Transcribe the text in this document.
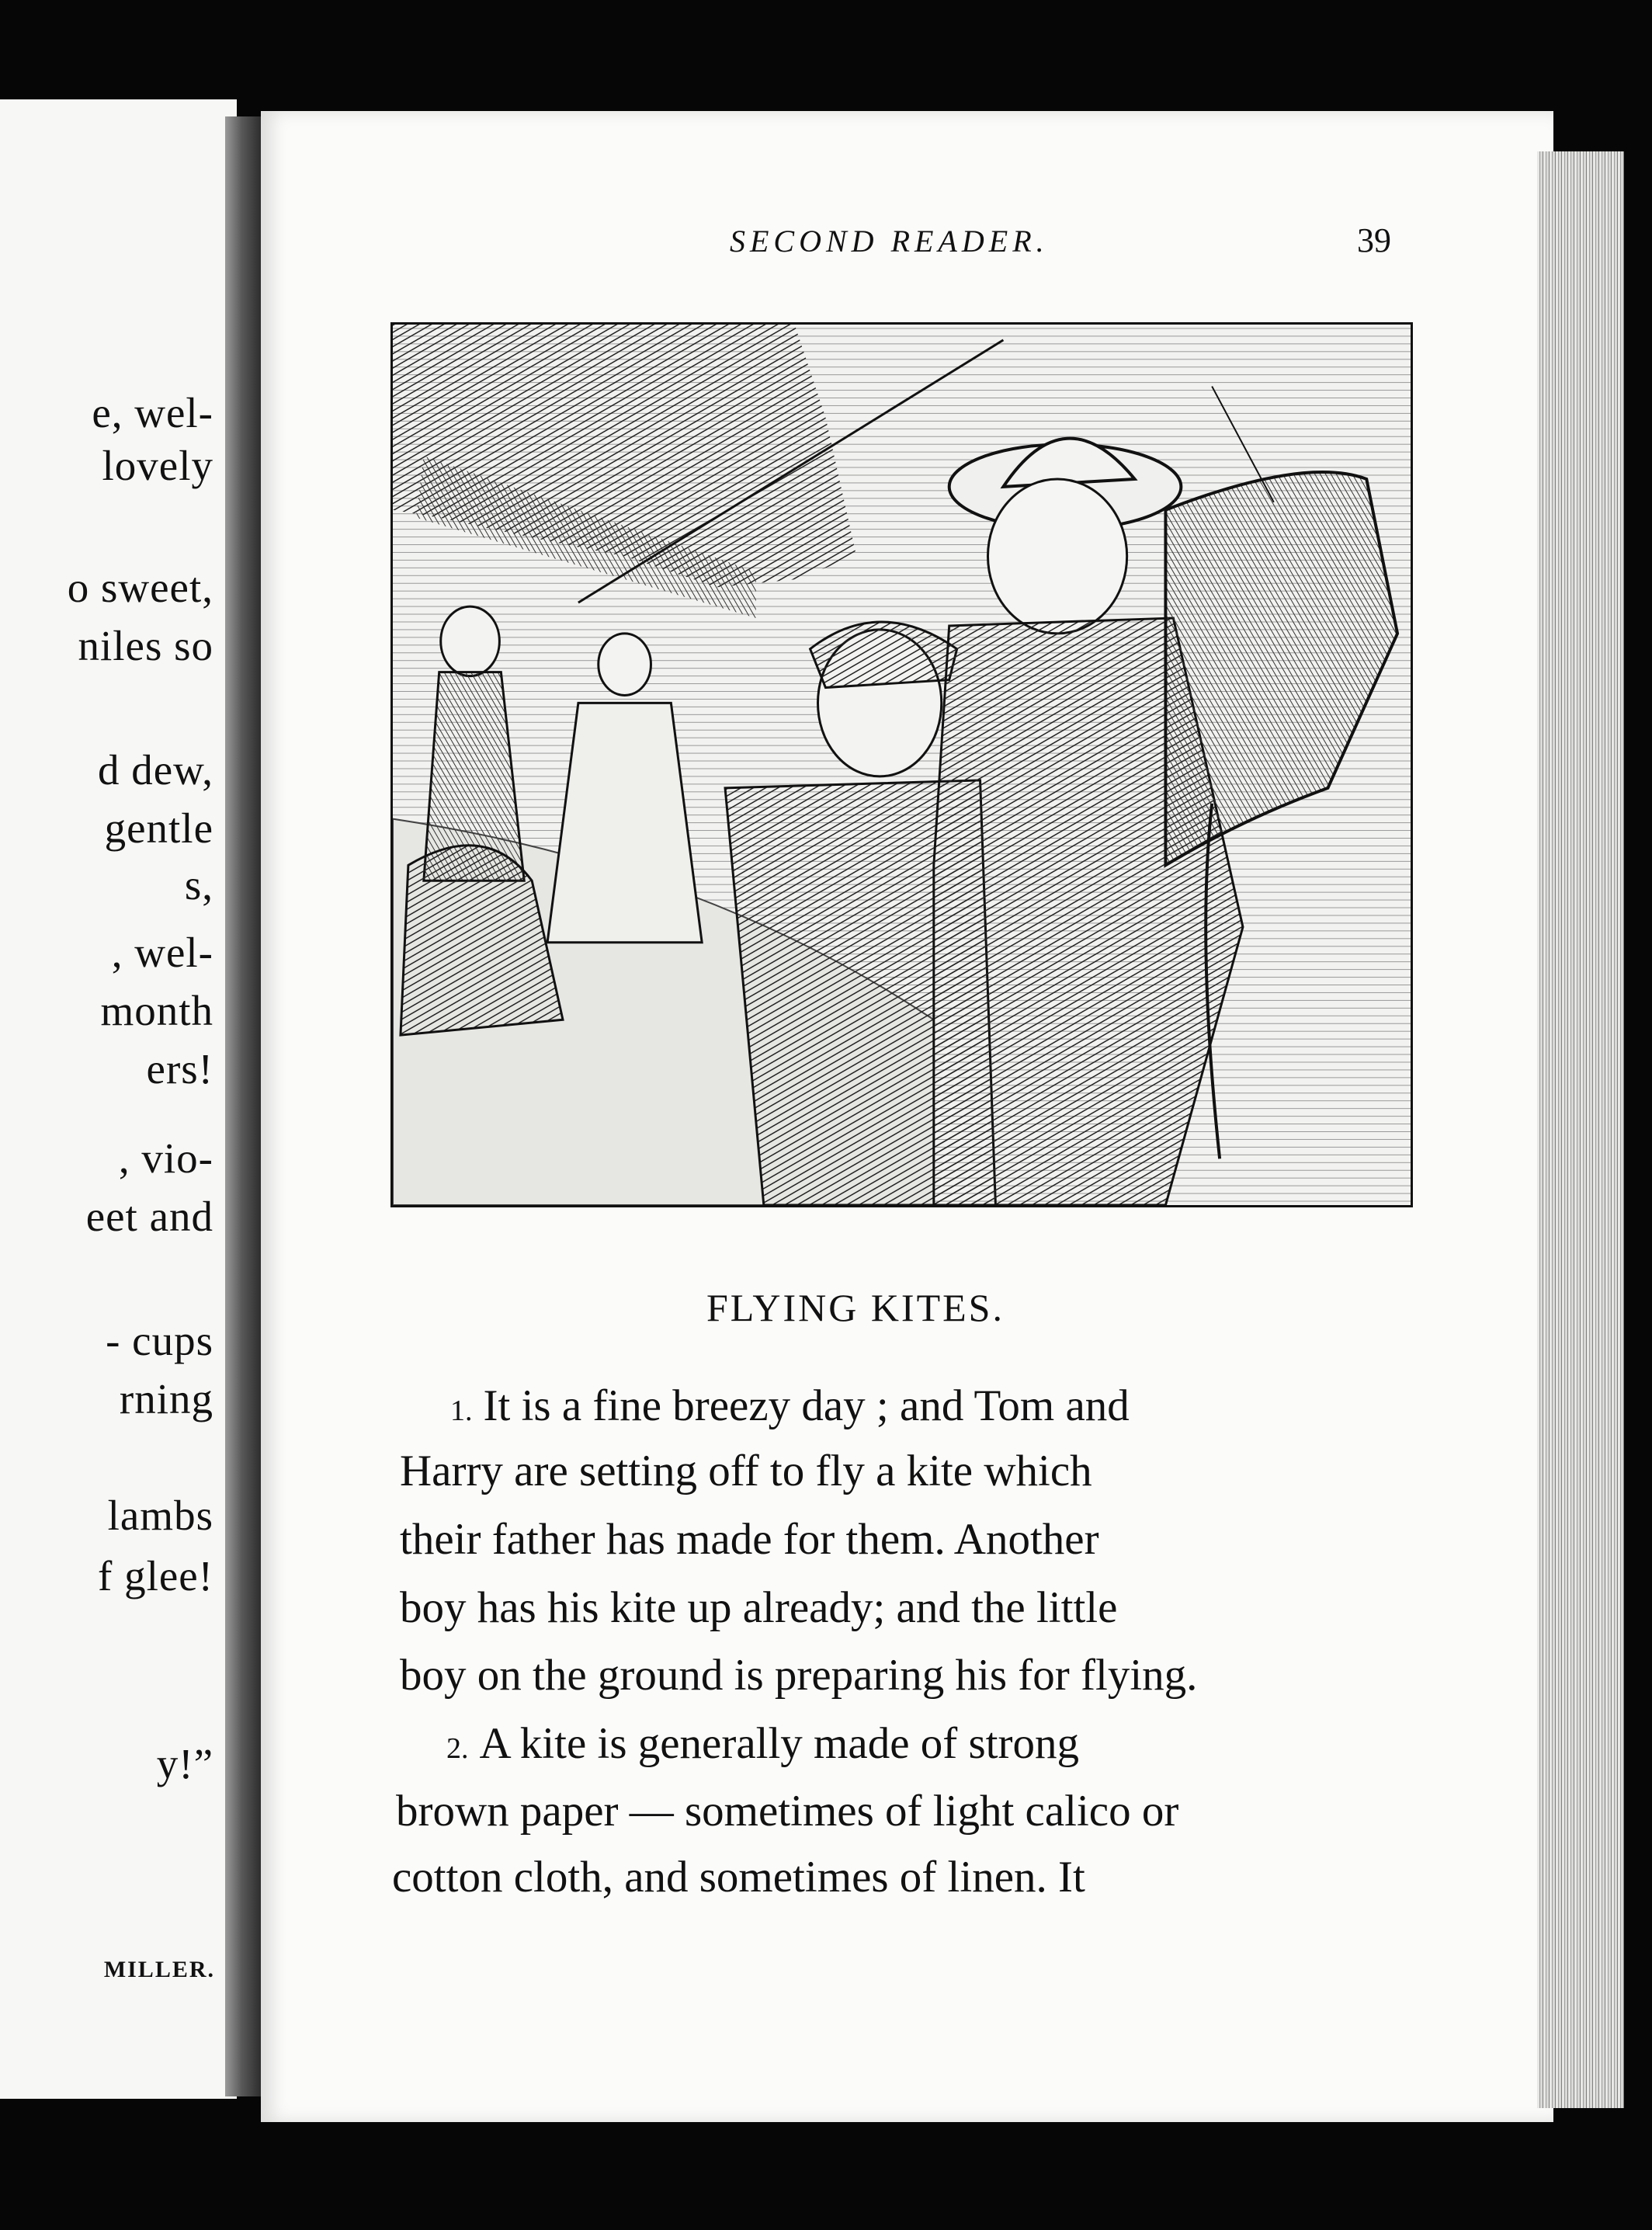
e, wel-
lovely
o sweet,
niles so
d dew,
gentle
s,
, wel-
month
ers!
, vio-
eet and
- cups
rning
lambs
f glee!
y!”
MILLER.
SECOND READER.	39
FLYING KITES.
1. It is a fine breezy day ; and Tom and
Harry are setting off to fly a kite which
their father has made for them. Another
boy has his kite up already; and the little
boy on the ground is preparing his for flying.
2. A kite is generally made of strong
brown paper — sometimes of light calico or
cotton cloth, and sometimes of linen. It
